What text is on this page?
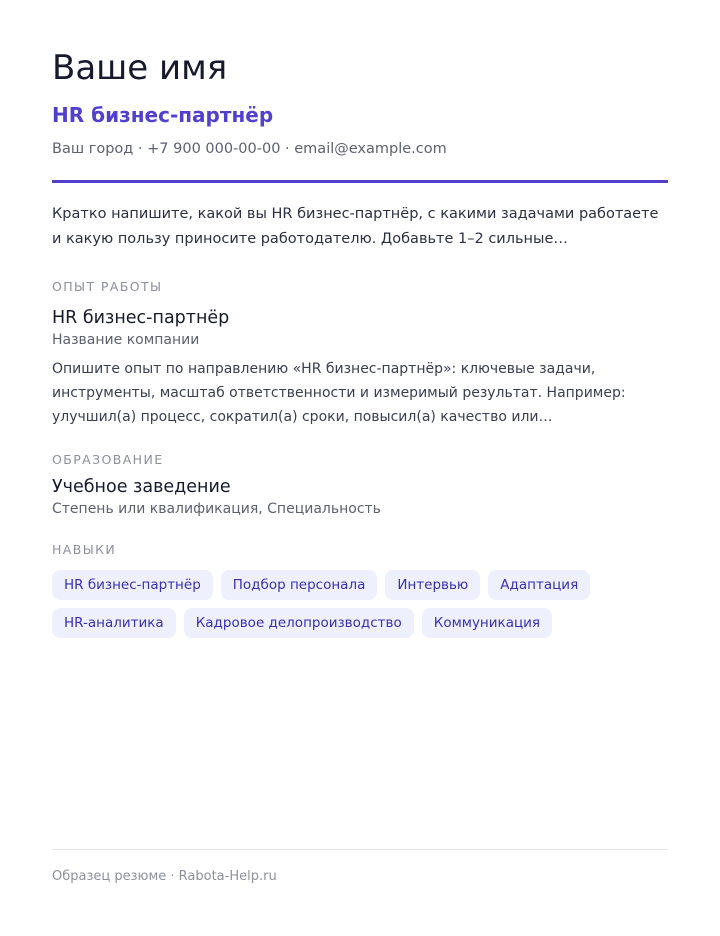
Ваше имя
HR бизнес-партнёр
Ваш город · +7 900 000-00-00 · email@example.com
Кратко напишите, какой вы HR бизнес-партнёр, с какими задачами работаете и какую пользу приносите работодателю. Добавьте 1–2 сильные…
ОПЫТ РАБОТЫ
HR бизнес-партнёр
Название компании
Опишите опыт по направлению «HR бизнес-партнёр»: ключевые задачи, инструменты, масштаб ответственности и измеримый результат. Например: улучшил(а) процесс, сократил(а) сроки, повысил(а) качество или…
ОБРАЗОВАНИЕ
Учебное заведение
Степень или квалификация, Специальность
НАВЫКИ
HR бизнес-партнёр	Подбор персонала	Интервью	Адаптация
HR-аналитика	Кадровое делопроизводство	Коммуникация
Образец резюме · Rabota-Help.ru
